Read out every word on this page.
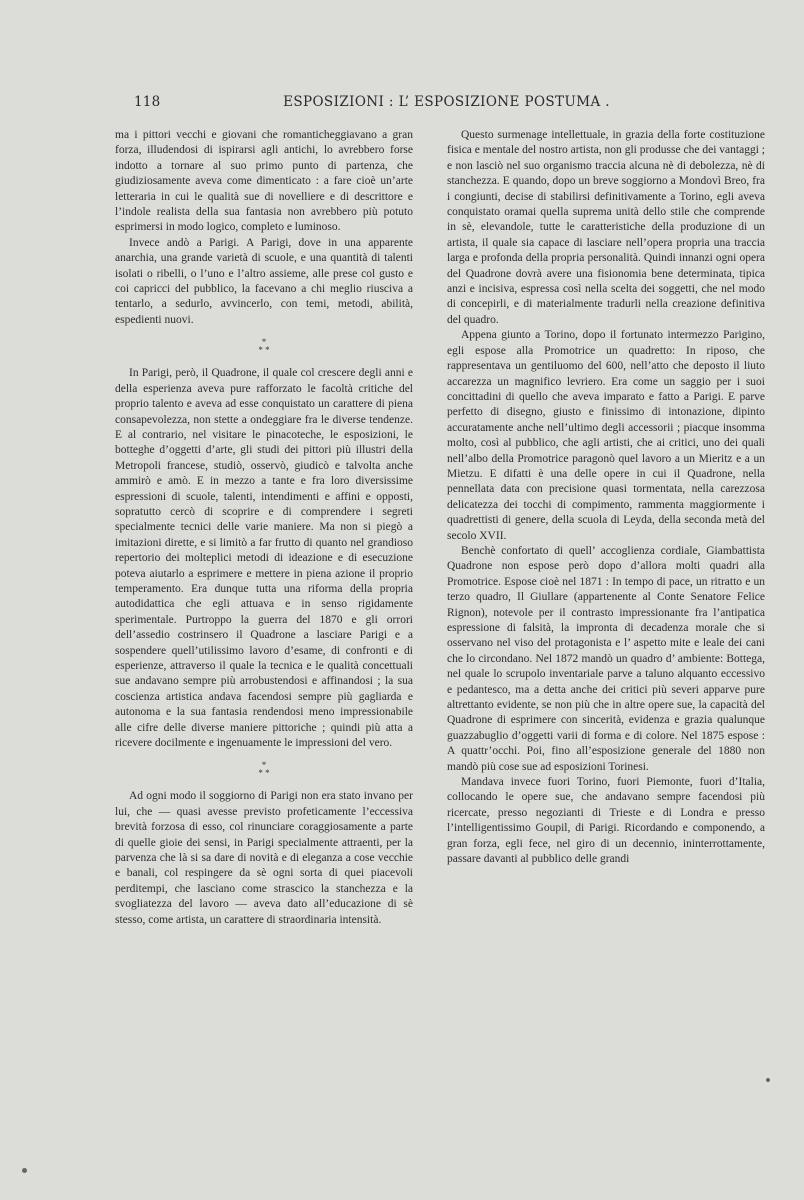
118	ESPOSIZIONI : L’ ESPOSIZIONE POSTUMA .

ma i pittori vecchi e giovani che romanticheggiavano a gran forza, illudendosi di ispirarsi agli antichi, lo avrebbero forse indotto a tornare al suo primo punto di partenza, che giudiziosamente aveva come dimenticato : a fare cioè un’arte letteraria in cui le qualità sue di novelliere e di descrittore e l’indole realista della sua fantasia non avrebbero più potuto esprimersi in modo logico, completo e luminoso.

Invece andò a Parigi. A Parigi, dove in una apparente anarchia, una grande varietà di scuole, e una quantità di talenti isolati o ribelli, o l’uno e l’altro assieme, alle prese col gusto e coi capricci del pubblico, la facevano a chi meglio riusciva a tentarlo, a sedurlo, avvincerlo, con temi, metodi, abilità, espedienti nuovi.

*
* *

In Parigi, però, il Quadrone, il quale col crescere degli anni e della esperienza aveva pure rafforzato le facoltà critiche del proprio talento e aveva ad esse conquistato un carattere di piena consapevolezza, non stette a ondeggiare fra le diverse tendenze. E al contrario, nel visitare le pinacoteche, le esposizioni, le botteghe d’oggetti d’arte, gli studi dei pittori più illustri della Metropoli francese, studiò, osservò, giudicò e talvolta anche ammirò e amò. E in mezzo a tante e fra loro diversissime espressioni di scuole, talenti, intendimenti e affini e opposti, sopratutto cercò di scoprire e di comprendere i segreti specialmente tecnici delle varie maniere. Ma non si piegò a imitazioni dirette, e si limitò a far frutto di quanto nel grandioso repertorio dei molteplici metodi di ideazione e di esecuzione poteva aiutarlo a esprimere e mettere in piena azione il proprio temperamento. Era dunque tutta una riforma della propria autodidattica che egli attuava e in senso rigidamente sperimentale. Purtroppo la guerra del 1870 e gli orrori dell’assedio costrinsero il Quadrone a lasciare Parigi e a sospendere quell’utilissimo lavoro d’esame, di confronti e di esperienze, attraverso il quale la tecnica e le qualità concettuali sue andavano sempre più arrobustendosi e affinandosi ; la sua coscienza artistica andava facendosi sempre più gagliarda e autonoma e la sua fantasia rendendosi meno impressionabile alle cifre delle diverse maniere pittoriche ; quindi più atta a ricevere docilmente e ingenuamente le impressioni del vero.

*
* *

Ad ogni modo il soggiorno di Parigi non era stato invano per lui, che — quasi avesse previsto profeticamente l’eccessiva brevità forzosa di esso, col rinunciare coraggiosamente a parte di quelle gioie dei sensi, in Parigi specialmente attraenti, per la parvenza che là si sa dare di novità e di eleganza a cose vecchie e banali, col respingere da sè ogni sorta di quei piacevoli perditempi, che lasciano come strascico la stanchezza e la svogliatezza del lavoro — aveva dato all’educazione di sè stesso, come artista, un carattere di straordinaria intensità.

Questo surmenage intellettuale, in grazia della forte costituzione fisica e mentale del nostro artista, non gli produsse che dei vantaggi ; e non lasciò nel suo organismo traccia alcuna nè di debolezza, nè di stanchezza. E quando, dopo un breve soggiorno a Mondovì Breo, fra i congiunti, decise di stabilirsi definitivamente a Torino, egli aveva conquistato oramai quella suprema unità dello stile che comprende in sè, elevandole, tutte le caratteristiche della produzione di un artista, il quale sia capace di lasciare nell’opera propria una traccia larga e profonda della propria personalità. Quindi innanzi ogni opera del Quadrone dovrà avere una fisionomia bene determinata, tipica anzi e incisiva, espressa così nella scelta dei soggetti, che nel modo di concepirli, e di materialmente tradurli nella creazione definitiva del quadro.

Appena giunto a Torino, dopo il fortunato intermezzo Parigino, egli espose alla Promotrice un quadretto: In riposo, che rappresentava un gentiluomo del 600, nell’atto che deposto il liuto accarezza un magnifico levriero. Era come un saggio per i suoi concittadini di quello che aveva imparato e fatto a Parigi. E parve perfetto di disegno, giusto e finissimo di intonazione, dipinto accuratamente anche nell’ultimo degli accessorii ; piacque insomma molto, così al pubblico, che agli artisti, che ai critici, uno dei quali nell’albo della Promotrice paragonò quel lavoro a un Mieritz e a un Mietzu. E difatti è una delle opere in cui il Quadrone, nella pennellata data con precisione quasi tormentata, nella carezzosa delicatezza dei tocchi di compimento, rammenta maggiormente i quadrettisti di genere, della scuola di Leyda, della seconda metà del secolo XVII.

Benchè confortato di quell’ accoglienza cordiale, Giambattista Quadrone non espose però dopo d’allora molti quadri alla Promotrice. Espose cioè nel 1871 : In tempo di pace, un ritratto e un terzo quadro, Il Giullare (appartenente al Conte Senatore Felice Rignon), notevole per il contrasto impressionante fra l’antipatica espressione di falsità, la impronta di decadenza morale che si osservano nel viso del protagonista e l’ aspetto mite e leale dei cani che lo circondano. Nel 1872 mandò un quadro d’ ambiente: Bottega, nel quale lo scrupolo inventariale parve a taluno alquanto eccessivo e pedantesco, ma a detta anche dei critici più severi apparve pure altrettanto evidente, se non più che in altre opere sue, la capacità del Quadrone di esprimere con sincerità, evidenza e grazia qualunque guazzabuglio d’oggetti varii di forma e di colore. Nel 1875 espose : A quattr’occhi. Poi, fino all’esposizione generale del 1880 non mandò più cose sue ad esposizioni Torinesi.

Mandava invece fuori Torino, fuori Piemonte, fuori d’Italia, collocando le opere sue, che andavano sempre facendosi più ricercate, presso negozianti di Trieste e di Londra e presso l’intelligentissimo Goupil, di Parigi. Ricordando e componendo, a gran forza, egli fece, nel giro di un decennio, ininterrottamente, passare davanti al pubblico delle grandi
